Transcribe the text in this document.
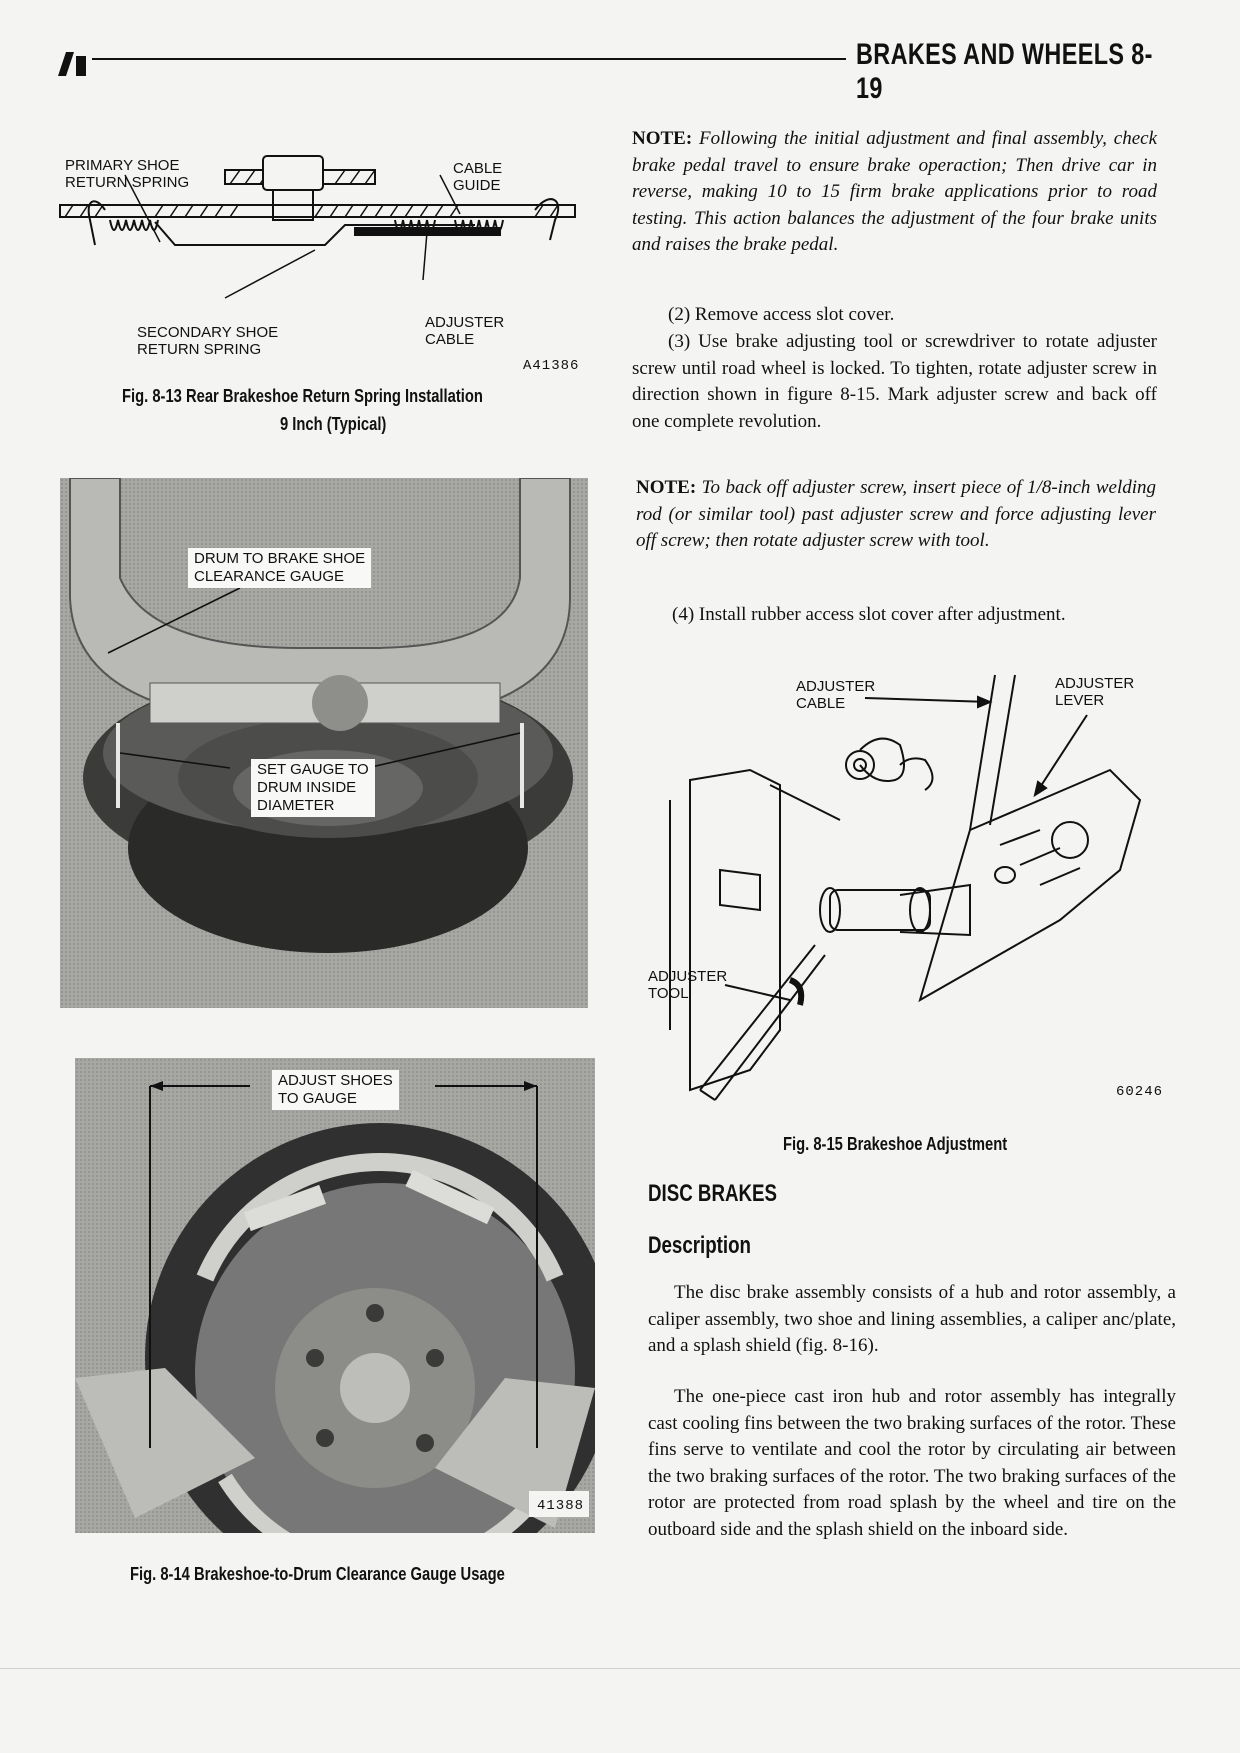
BRAKES AND WHEELS 8-19
PRIMARY SHOE
RETURN SPRING
CABLE
GUIDE
SECONDARY SHOE
RETURN SPRING
ADJUSTER
CABLE
A41386
Fig. 8-13 Rear Brakeshoe Return Spring Installation
9 Inch (Typical)
DRUM TO BRAKE SHOE
CLEARANCE GAUGE
SET GAUGE TO
DRUM INSIDE
DIAMETER
ADJUST SHOES
TO GAUGE
41388
Fig. 8-14 Brakeshoe-to-Drum Clearance Gauge Usage
NOTE: Following the initial adjustment and final assembly, check brake pedal travel to ensure brake operaction; Then drive car in reverse, making 10 to 15 firm brake applications prior to road testing. This action balances the adjustment of the four brake units and raises the brake pedal.
(2) Remove access slot cover.
(3) Use brake adjusting tool or screwdriver to rotate adjuster screw until road wheel is locked. To tighten, rotate adjuster screw in direction shown in figure 8-15. Mark adjuster screw and back off one complete revolution.
NOTE: To back off adjuster screw, insert piece of 1/8-inch welding rod (or similar tool) past adjuster screw and force adjusting lever off screw; then rotate adjuster screw with tool.
(4) Install rubber access slot cover after adjustment.
ADJUSTER
CABLE
ADJUSTER
LEVER
ADJUSTER
TOOL
60246
Fig. 8-15 Brakeshoe Adjustment
DISC BRAKES
Description
The disc brake assembly consists of a hub and rotor assembly, a caliper assembly, two shoe and lining assemblies, a caliper anc/plate, and a splash shield (fig. 8-16).
The one-piece cast iron hub and rotor assembly has integrally cast cooling fins between the two braking surfaces of the rotor. These fins serve to ventilate and cool the rotor by circulating air between the two braking surfaces of the rotor. The two braking surfaces of the rotor are protected from road splash by the wheel and tire on the outboard side and the splash shield on the inboard side.
